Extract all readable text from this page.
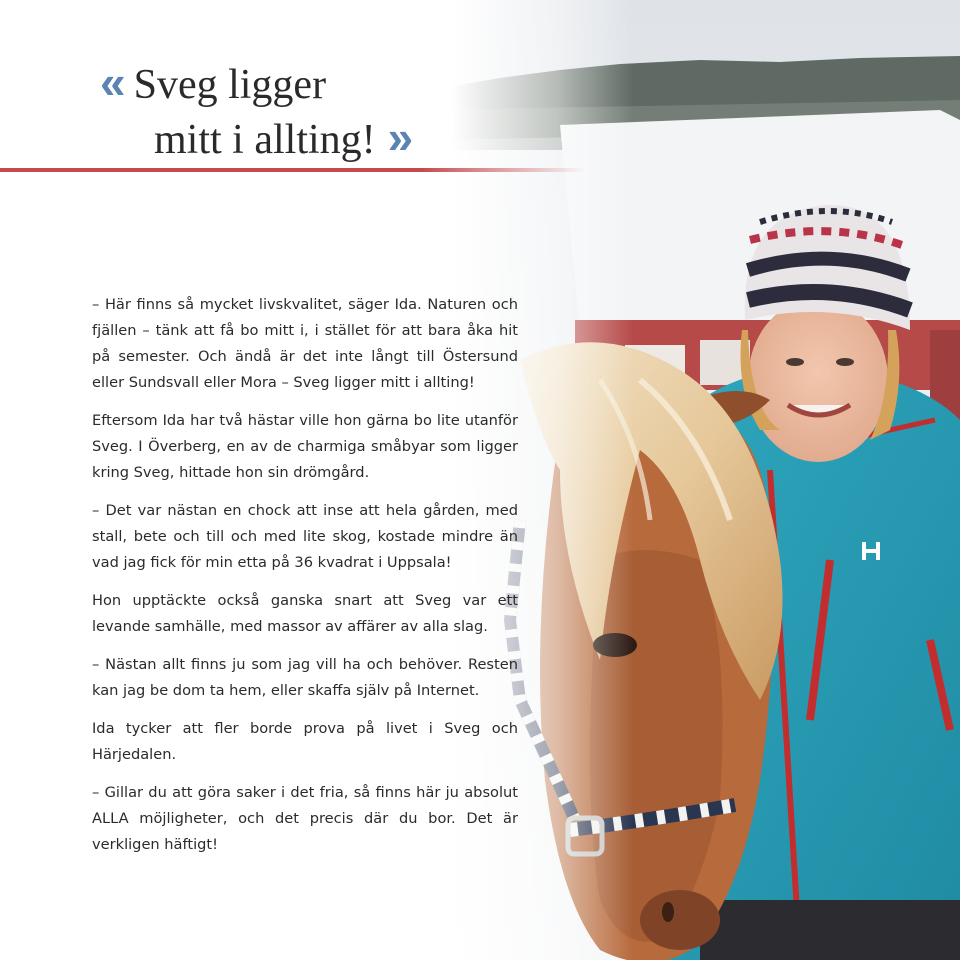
« Sveg ligger
mitt i allting! »

– Här finns så mycket livskvalitet, säger Ida. Naturen och fjällen – tänk att få bo mitt i, i stället för att bara åka hit på semester. Och ändå är det inte långt till Östersund eller Sundsvall eller Mora – Sveg ligger mitt i allting!

Eftersom Ida har två hästar ville hon gärna bo lite utanför Sveg. I Överberg, en av de charmiga småbyar som ligger kring Sveg, hittade hon sin drömgård.

– Det var nästan en chock att inse att hela gården, med stall, bete och till och med lite skog, kostade mindre än vad jag fick för min etta på 36 kvadrat i Uppsala!

Hon upptäckte också ganska snart att Sveg var ett levande samhälle, med massor av affärer av alla slag.

– Nästan allt finns ju som jag vill ha och behöver. Resten kan jag be dom ta hem, eller skaffa själv på Internet.

Ida tycker att fler borde prova på livet i Sveg och Härjedalen.

– Gillar du att göra saker i det fria, så finns här ju absolut ALLA möjligheter, och det precis där du bor. Det är verkligen häftigt!
